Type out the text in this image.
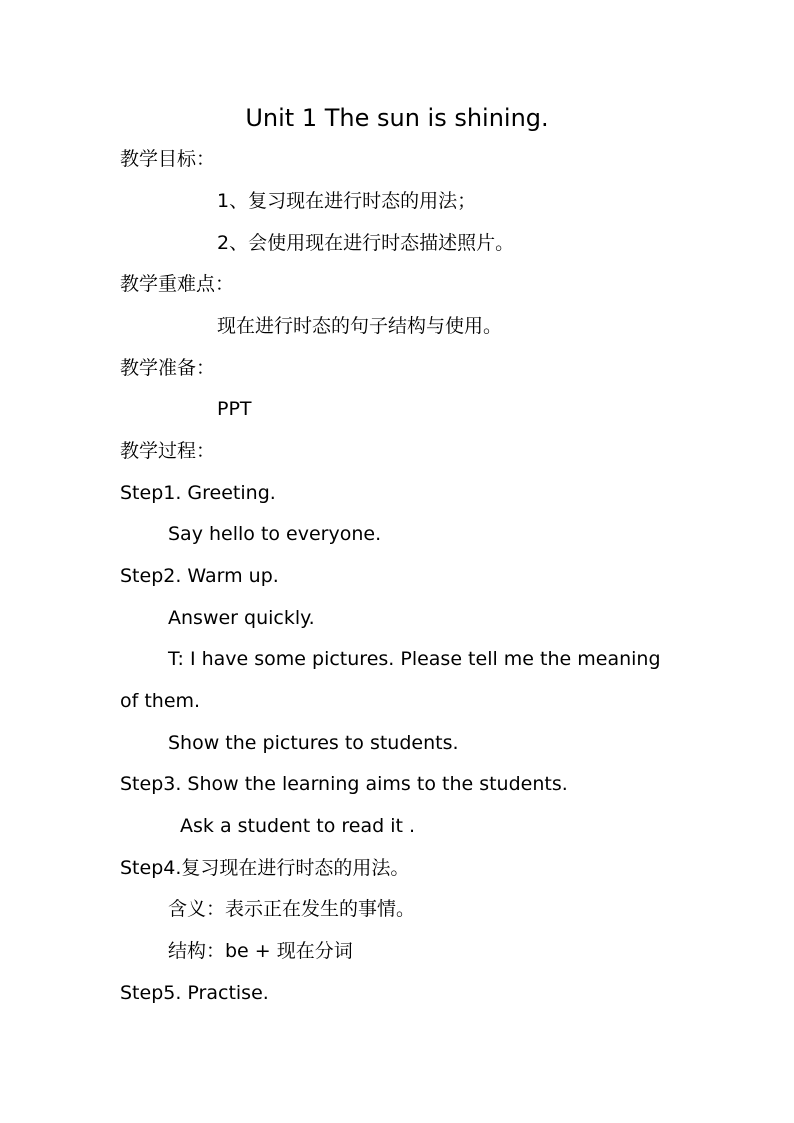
Unit 1 The sun is shining.
教学目标：
1、复习现在进行时态的用法；
2、会使用现在进行时态描述照片。
教学重难点：
现在进行时态的句子结构与使用。
教学准备：
PPT
教学过程：
Step1. Greeting.
Say hello to everyone.
Step2. Warm up.
Answer quickly.
T: I have some pictures. Please tell me the meaning
of them.
Show the pictures to students.
Step3. Show the learning aims to the students.
Ask a student to read it .
Step4.复习现在进行时态的用法。
含义：表示正在发生的事情。
结构：be + 现在分词
Step5. Practise.
